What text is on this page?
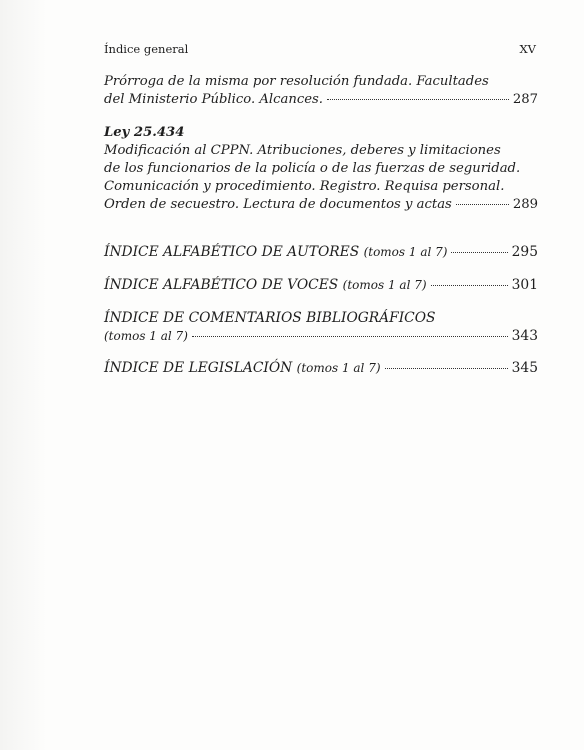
Índice general	XV
Prórroga de la misma por resolución fundada. Facultades
del Ministerio Público. Alcances.	287
Ley 25.434
Modificación al CPPN. Atribuciones, deberes y limitaciones
de los funcionarios de la policía o de las fuerzas de seguridad.
Comunicación y procedimiento. Registro. Requisa personal.
Orden de secuestro. Lectura de documentos y actas	289
ÍNDICE ALFABÉTICO DE AUTORES
(tomos 1 al 7)	295
ÍNDICE ALFABÉTICO DE VOCES
(tomos 1 al 7)	301
ÍNDICE DE COMENTARIOS BIBLIOGRÁFICOS
(tomos 1 al 7)	343
ÍNDICE DE LEGISLACIÓN
(tomos 1 al 7)	345
